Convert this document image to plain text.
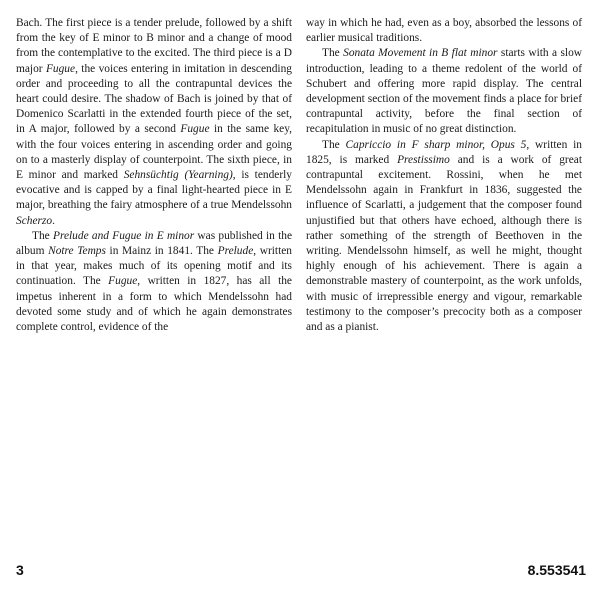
Bach. The first piece is a tender prelude, followed by a shift from the key of E minor to B minor and a change of mood from the contemplative to the excited. The third piece is a D major Fugue, the voices entering in imitation in descending order and proceeding to all the contrapuntal devices the heart could desire. The shadow of Bach is joined by that of Domenico Scarlatti in the extended fourth piece of the set, in A major, followed by a second Fugue in the same key, with the four voices entering in ascending order and going on to a masterly display of counterpoint. The sixth piece, in E minor and marked Sehnsüchtig (Yearning), is tenderly evocative and is capped by a final light-hearted piece in E major, breathing the fairy atmosphere of a true Mendelssohn Scherzo.

The Prelude and Fugue in E minor was published in the album Notre Temps in Mainz in 1841. The Prelude, written in that year, makes much of its opening motif and its continuation. The Fugue, written in 1827, has all the impetus inherent in a form to which Mendelssohn had devoted some study and of which he again demonstrates complete control, evidence of the

way in which he had, even as a boy, absorbed the lessons of earlier musical traditions.

The Sonata Movement in B flat minor starts with a slow introduction, leading to a theme redolent of the world of Schubert and offering more rapid display. The central development section of the movement finds a place for brief contrapuntal activity, before the final section of recapitulation in music of no great distinction.

The Capriccio in F sharp minor, Opus 5, written in 1825, is marked Prestissimo and is a work of great contrapuntal excitement. Rossini, when he met Mendelssohn again in Frankfurt in 1836, suggested the influence of Scarlatti, a judgement that the composer found unjustified but that others have echoed, although there is rather something of the strength of Beethoven in the writing. Mendelssohn himself, as well he might, thought highly enough of his achievement. There is again a demonstrable mastery of counterpoint, as the work unfolds, with music of irrepressible energy and vigour, remarkable testimony to the composer’s precocity both as a composer and as a pianist.

3	8.553541
